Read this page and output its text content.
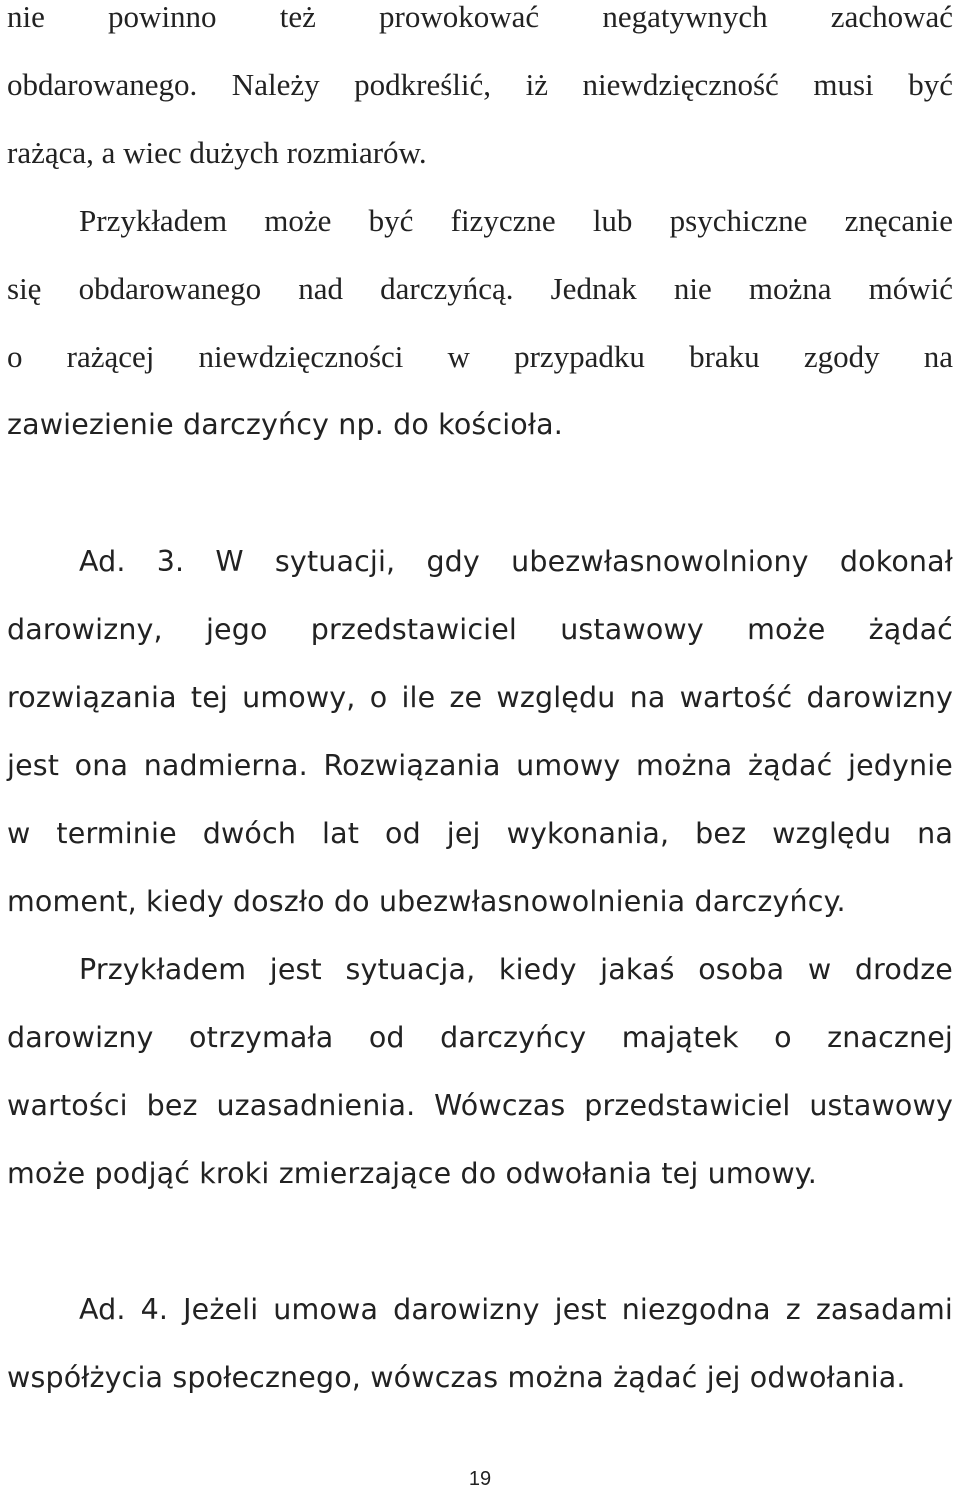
nie powinno też prowokować negatywnych zachować
obdarowanego. Należy podkreślić, iż niewdzięczność musi być
rażąca, a wiec dużych rozmiarów.
Przykładem może być fizyczne lub psychiczne znęcanie
się obdarowanego nad darczyńcą. Jednak nie można mówić
o rażącej niewdzięczności w przypadku braku zgody na
zawiezienie darczyńcy np. do kościoła.
Ad. 3. W sytuacji, gdy ubezwłasnowolniony dokonał
darowizny, jego przedstawiciel ustawowy może żądać
rozwiązania tej umowy, o ile ze względu na wartość darowizny
jest ona nadmierna. Rozwiązania umowy można żądać jedynie
w terminie dwóch lat od jej wykonania, bez względu na
moment, kiedy doszło do ubezwłasnowolnienia darczyńcy.
Przykładem jest sytuacja, kiedy jakaś osoba w drodze
darowizny otrzymała od darczyńcy majątek o znacznej
wartości bez uzasadnienia. Wówczas przedstawiciel ustawowy
może podjąć kroki zmierzające do odwołania tej umowy.
Ad. 4. Jeżeli umowa darowizny jest niezgodna z zasadami
współżycia społecznego, wówczas można żądać jej odwołania.
19
